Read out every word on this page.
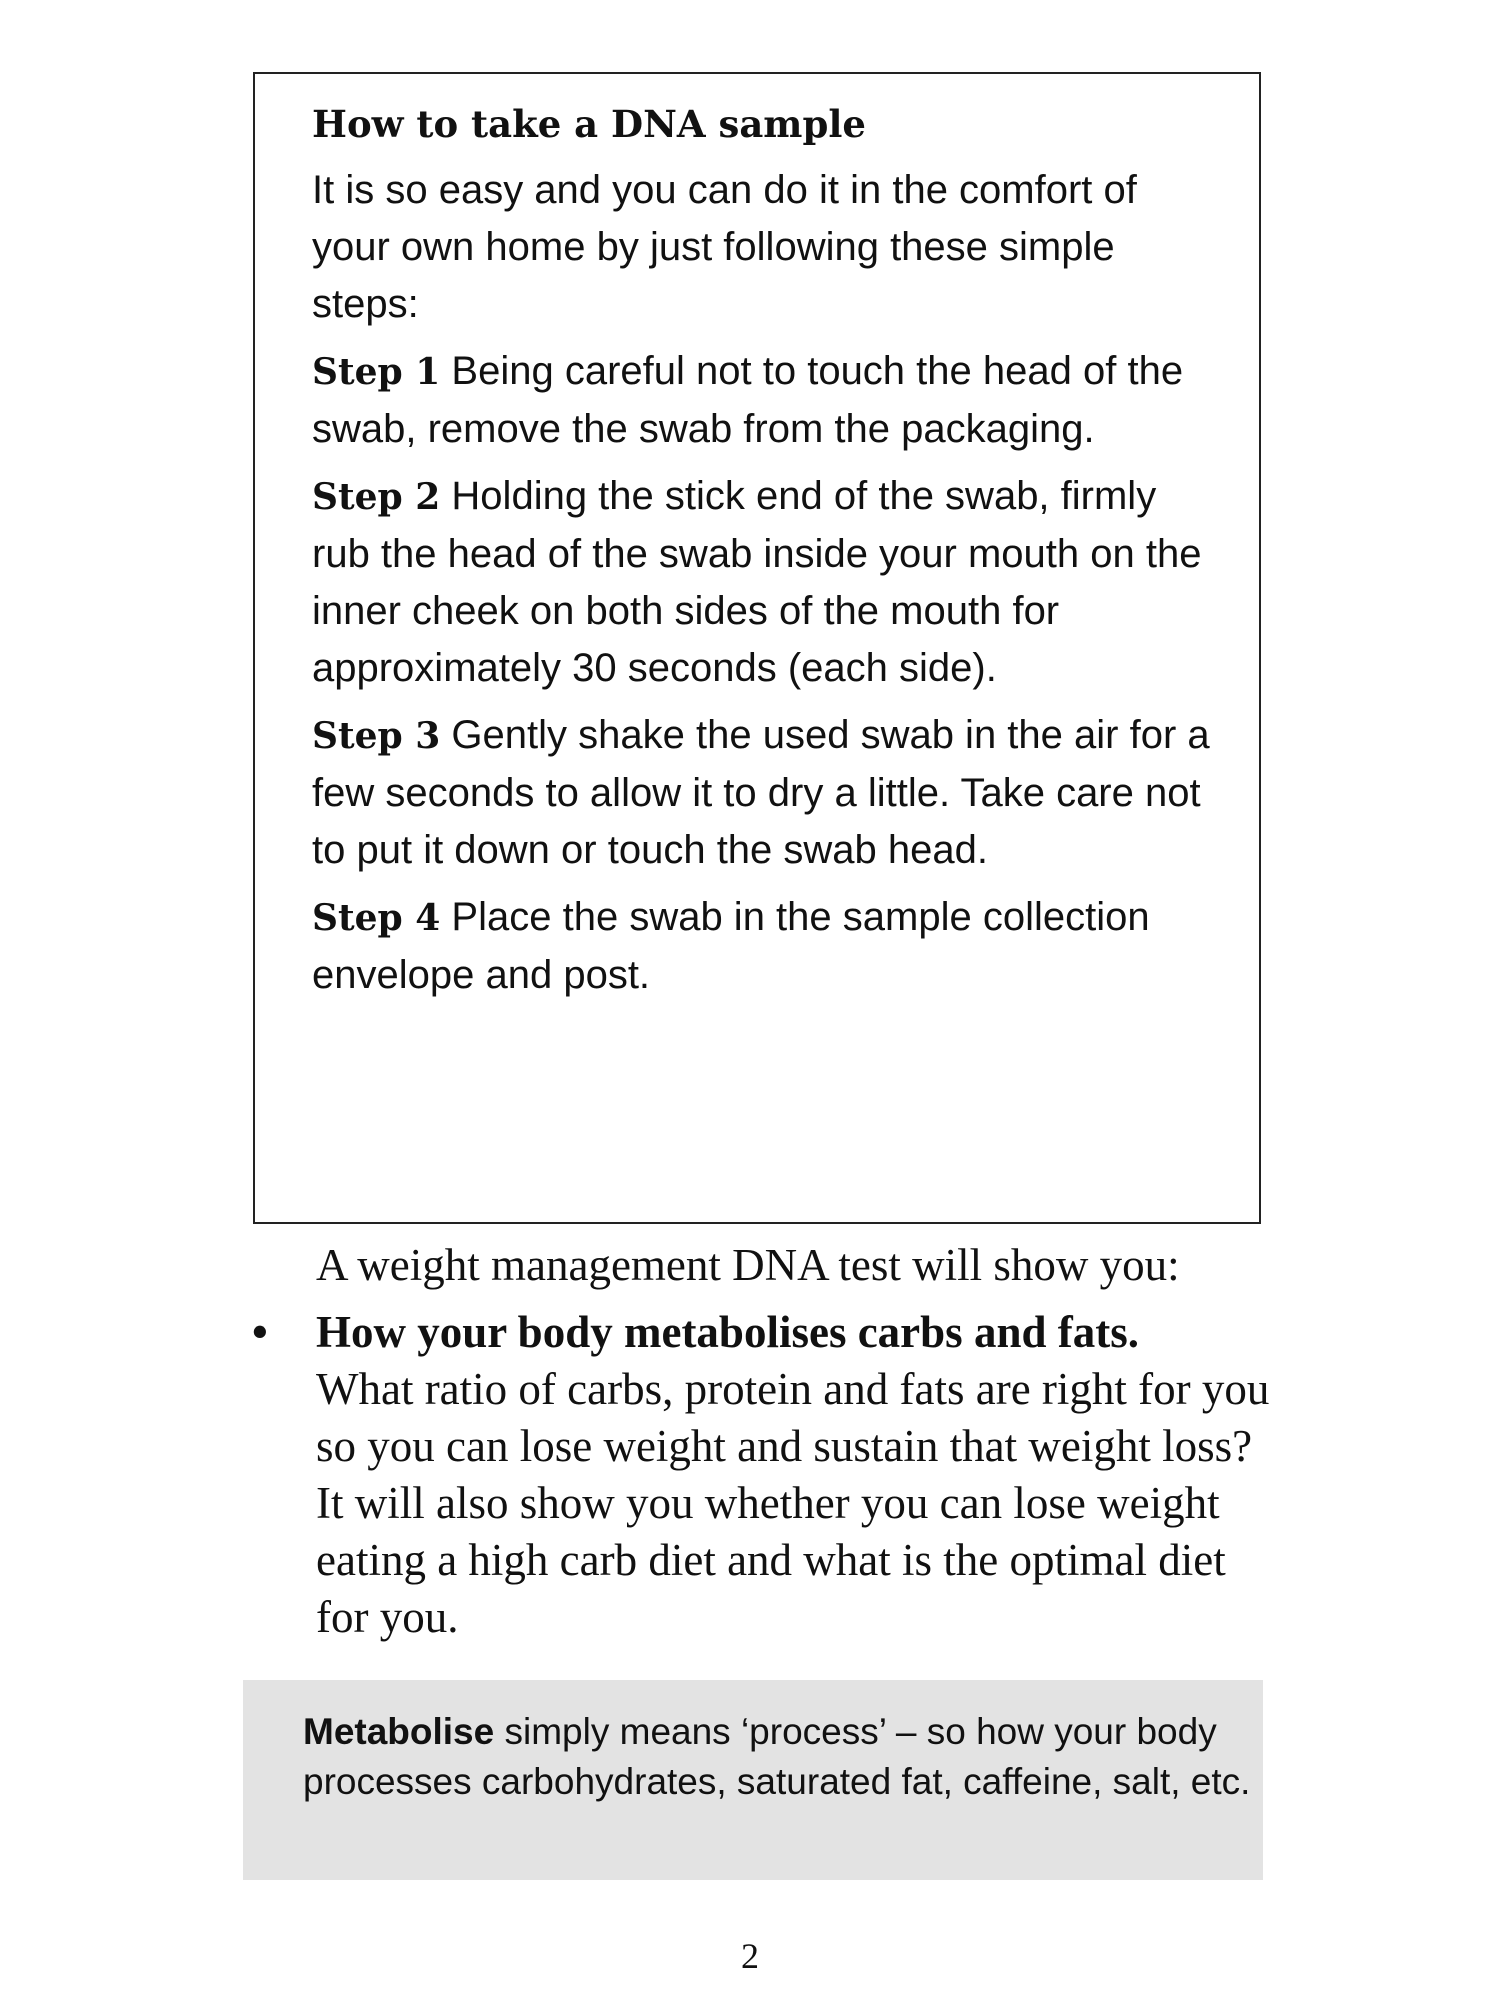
How to take a DNA sample
It is so easy and you can do it in the comfort of your own home by just following these simple steps:
Step 1 Being careful not to touch the head of the swab, remove the swab from the packaging.
Step 2 Holding the stick end of the swab, firmly rub the head of the swab inside your mouth on the inner cheek on both sides of the mouth for approximately 30 seconds (each side).
Step 3 Gently shake the used swab in the air for a few seconds to allow it to dry a little. Take care not to put it down or touch the swab head.
Step 4 Place the swab in the sample collection envelope and post.
A weight management DNA test will show you:
•	How your body metabolises carbs and fats.
What ratio of carbs, protein and fats are right for you so you can lose weight and sustain that weight loss? It will also show you whether you can lose weight eating a high carb diet and what is the optimal diet for you.
Metabolise simply means ‘process’ – so how your body processes carbohydrates, saturated fat, caffeine, salt, etc.
2
